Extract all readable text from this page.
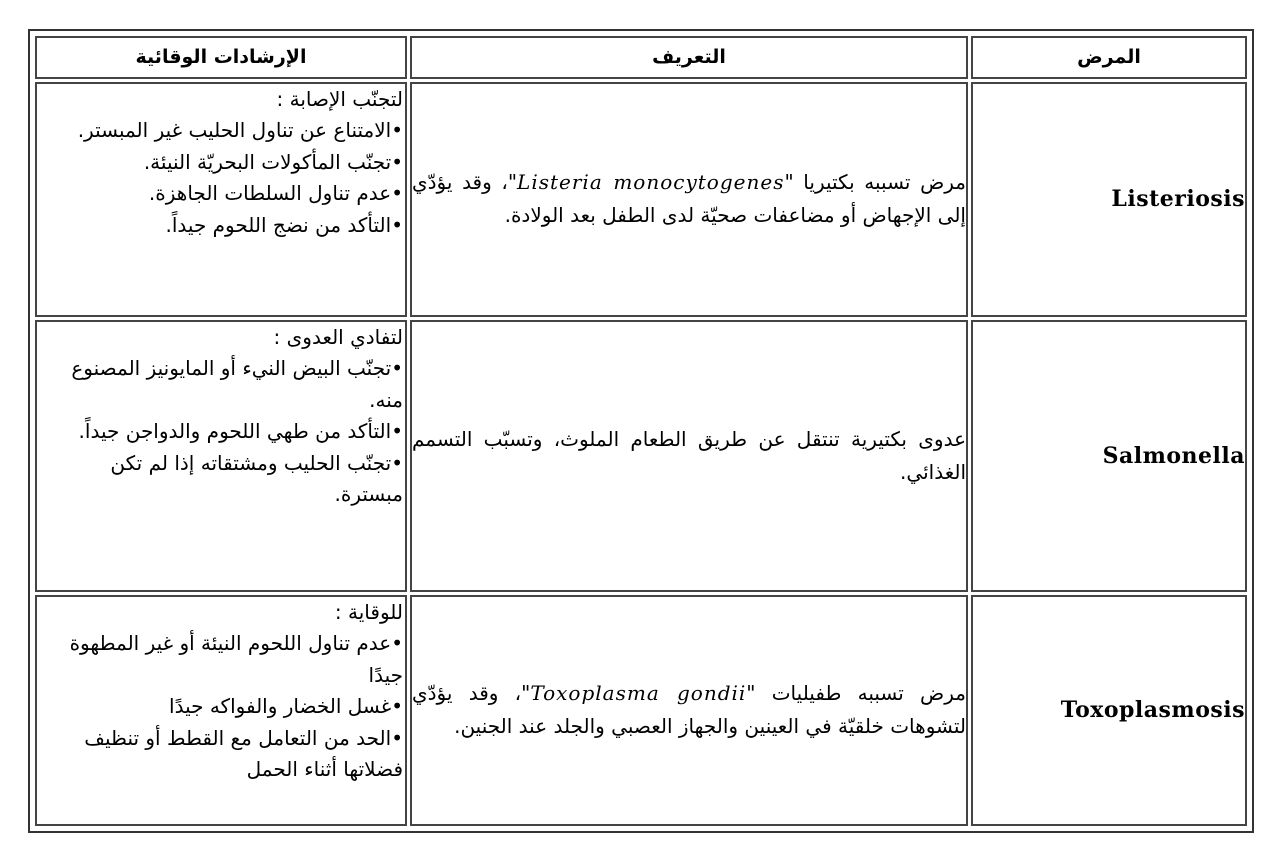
الإرشادات الوقائية	التعريف	المرض

لتجنّب الإصابة :
• الامتناع عن تناول الحليب غير المبستر.
• تجنّب المأكولات البحريّة النيئة.
• عدم تناول السلطات الجاهزة.
• التأكد من نضج اللحوم جيداً.	مرض تسببه بكتيريا "Listeria monocytogenes"، وقد يؤدّي إلى الإجهاض أو مضاعفات صحيّة لدى الطفل بعد الولادة.	Listeriosis

لتفادي العدوى :
• تجنّب البيض النيء أو المايونيز المصنوع منه.
• التأكد من طهي اللحوم والدواجن جيداً.
• تجنّب الحليب ومشتقاته إذا لم تكن مبسترة.	عدوى بكتيرية تنتقل عن طريق الطعام الملوث، وتسبّب التسمم الغذائي.	Salmonella

للوقاية :
• عدم تناول اللحوم النيئة أو غير المطهوة جيدًا
• غسل الخضار والفواكه جيدًا
• الحد من التعامل مع القطط أو تنظيف فضلاتها أثناء الحمل	مرض تسببه طفيليات "Toxoplasma gondii"، وقد يؤدّي لتشوهات خلقيّة في العينين والجهاز العصبي والجلد عند الجنين.	Toxoplasmosis
